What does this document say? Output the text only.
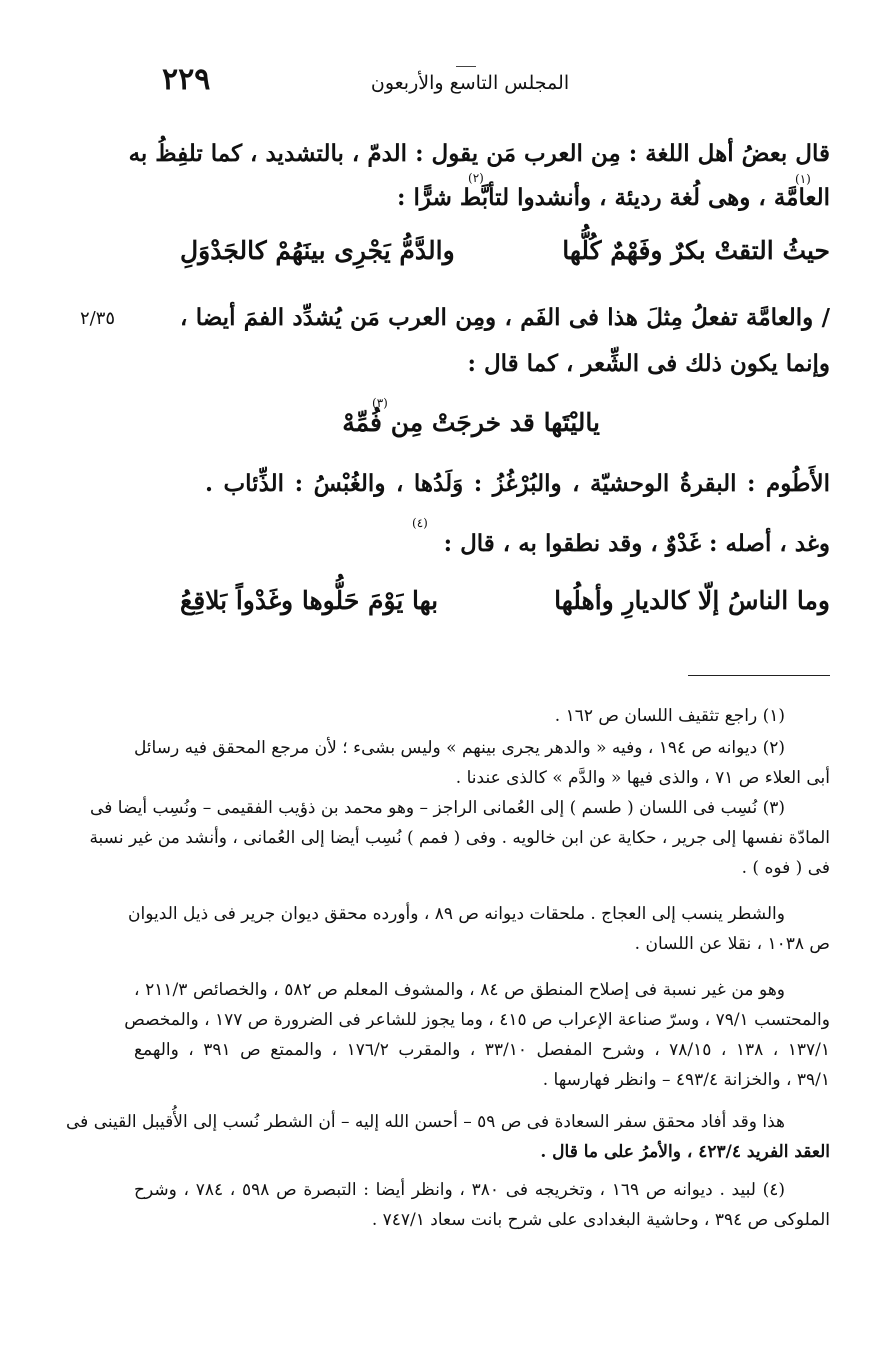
٢٢٩	المجلس التاسع والأربعون
قال بعضُ أهل اللغة : مِن العرب مَن يقول : الدمّ ، بالتشديد ، كما تلفِظُ به
العامَّة ، وهى لُغة رديئة ، وأنشدوا لتأبَّط شرًّا :
(١)
(٢)
حيثُ التقتْ بكرٌ وفَهْمٌ كُلُّها
والدَّمُّ يَجْرِى بينَهُمْ كالجَدْوَلِ
/ والعامَّة تفعلُ مِثلَ هذا فى الفَم ، ومِن العرب مَن يُشدِّد الفمَ أيضا ،
٢/٣٥
وإنما يكون ذلك فى الشِّعر ، كما قال :
ياليْتَها قد خرجَتْ مِن فُمِّهْ
(٣)
الأَطُوم : البقرةُ الوحشيّة ، والبُرْغُزُ : وَلَدُها ، والغُبْسُ : الذِّئاب .
وغد ، أصله : غَدْوٌ ، وقد نطقوا به ، قال :
(٤)
وما الناسُ إلّا كالديارِ وأهلُها
بها يَوْمَ حَلُّوها وغَدْواً بَلاقِعُ
(١) راجع تثقيف اللسان ص ١٦٢ .
(٢) ديوانه ص ١٩٤ ، وفيه « والدهر يجرى بينهم » وليس بشىء ؛ لأن مرجع المحقق فيه رسائل
أبى العلاء ص ٧١ ، والذى فيها « والدَّم » كالذى عندنا .
(٣) نُسِب فى اللسان ( طسم ) إلى العُمانى الراجز – وهو محمد بن ذؤيب الفقيمى – ونُسِب أيضا فى
المادّة نفسها إلى جرير ، حكاية عن ابن خالويه . وفى ( فمم ) نُسِب أيضا إلى العُمانى ، وأنشد من غير نسبة
فى ( فوه ) .
والشطر ينسب إلى العجاج . ملحقات ديوانه ص ٨٩ ، وأورده محقق ديوان جرير فى ذيل الديوان
ص ١٠٣٨ ، نقلا عن اللسان .
وهو من غير نسبة فى إصلاح المنطق ص ٨٤ ، والمشوف المعلم ص ٥٨٢ ، والخصائص ٢١١/٣ ،
والمحتسب ٧٩/١ ، وسرّ صناعة الإعراب ص ٤١٥ ، وما يجوز للشاعر فى الضرورة ص ١٧٧ ، والمخصص
١٣٧/١ ، ١٣٨ ، ٧٨/١٥ ، وشرح المفصل ٣٣/١٠ ، والمقرب ١٧٦/٢ ، والممتع ص ٣٩١ ، والهمع
٣٩/١ ، والخزانة ٤٩٣/٤ – وانظر فهارسها .
هذا وقد أفاد محقق سفر السعادة فى ص ٥٩ – أحسن الله إليه – أن الشطر نُسب إلى الأُقيبل القينى فى
العقد الفريد ٤٢٣/٤ ، والأمرُ على ما قال .
(٤) لبيد . ديوانه ص ١٦٩ ، وتخريجه فى ٣٨٠ ، وانظر أيضا : التبصرة ص ٥٩٨ ، ٧٨٤ ، وشرح
الملوكى ص ٣٩٤ ، وحاشية البغدادى على شرح بانت سعاد ٧٤٧/١ .
